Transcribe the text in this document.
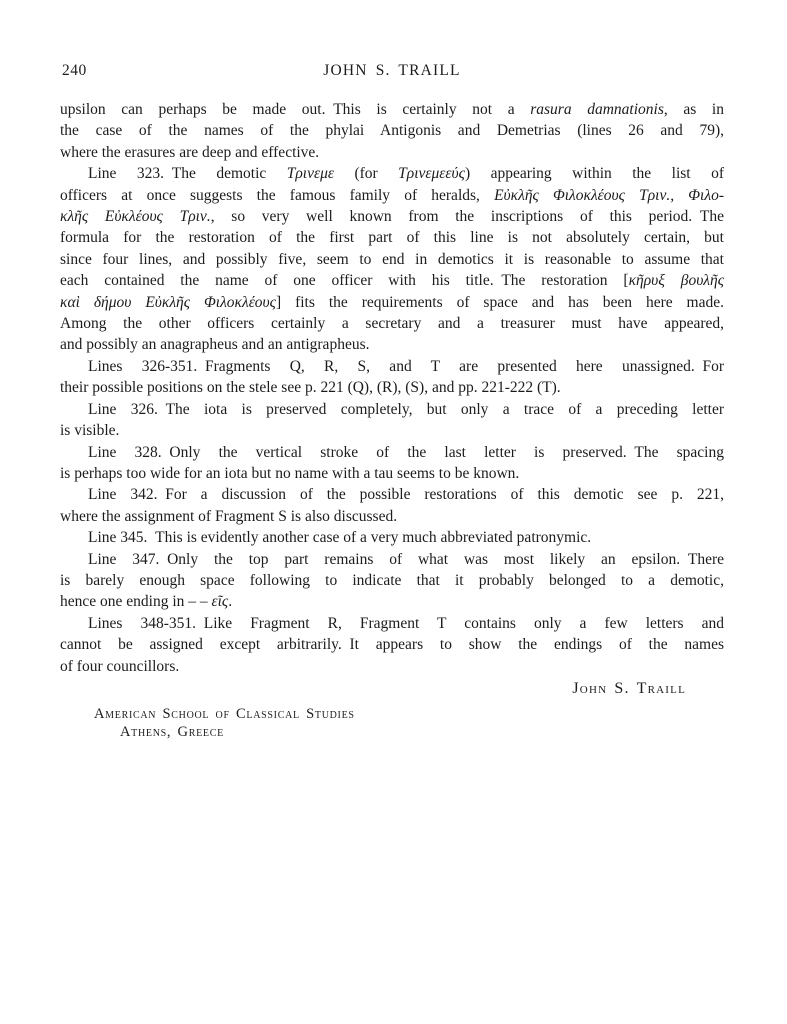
240	JOHN S. TRAILL
upsilon can perhaps be made out. This is certainly not a rasura damnationis, as in
the case of the names of the phylai Antigonis and Demetrias (lines 26 and 79),
where the erasures are deep and effective.
Line 323. The demotic Τρινεμε (for Τρινεμεεύς) appearing within the list of
officers at once suggests the famous family of heralds, Εὐκλῆς Φιλοκλέους Τριν., Φιλο-
κλῆς Εὐκλέους Τριν., so very well known from the inscriptions of this period. The
formula for the restoration of the first part of this line is not absolutely certain, but
since four lines, and possibly five, seem to end in demotics it is reasonable to assume that
each contained the name of one officer with his title. The restoration [κῆρυξ βουλῆς
καὶ δήμου Εὐκλῆς Φιλοκλέους] fits the requirements of space and has been here made.
Among the other officers certainly a secretary and a treasurer must have appeared,
and possibly an anagrapheus and an antigrapheus.
Lines 326-351. Fragments Q, R, S, and T are presented here unassigned. For
their possible positions on the stele see p. 221 (Q), (R), (S), and pp. 221-222 (T).
Line 326. The iota is preserved completely, but only a trace of a preceding letter
is visible.
Line 328. Only the vertical stroke of the last letter is preserved. The spacing
is perhaps too wide for an iota but no name with a tau seems to be known.
Line 342. For a discussion of the possible restorations of this demotic see p. 221,
where the assignment of Fragment S is also discussed.
Line 345. This is evidently another case of a very much abbreviated patronymic.
Line 347. Only the top part remains of what was most likely an epsilon. There
is barely enough space following to indicate that it probably belonged to a demotic,
hence one ending in – – εῖς.
Lines 348-351. Like Fragment R, Fragment T contains only a few letters and
cannot be assigned except arbitrarily. It appears to show the endings of the names
of four councillors.
John S. Traill
American School of Classical Studies
Athens, Greece
